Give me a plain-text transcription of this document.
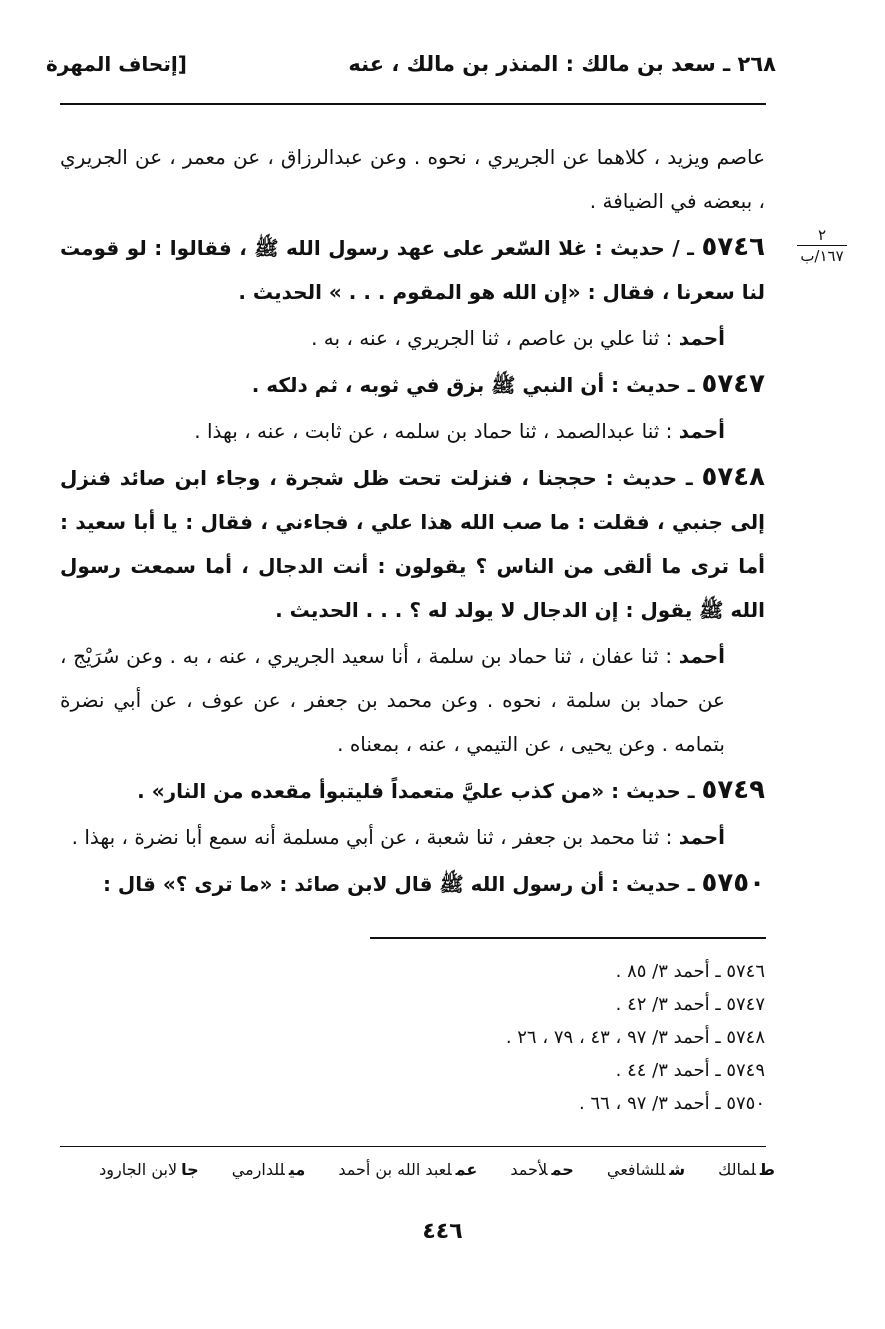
٢٦٨ ـ سعد بن مالك : المنذر بن مالك ، عنه
[إتحاف المهرة
٢
١٦٧/ب

عاصم ويزيد ، كلاهما عن الجريري ، نحوه . وعن عبدالرزاق ، عن معمر ، عن الجريري ، ببعضه في الضيافة .

٥٧٤٦ ـ / حديث : غلا السّعر على عهد رسول الله ﷺ ، فقالوا : لو قومت لنا سعرنا ، فقال : «إن الله هو المقوم . . . » الحديث .

أحمد : ثنا علي بن عاصم ، ثنا الجريري ، عنه ، به .

٥٧٤٧ ـ حديث : أن النبي ﷺ بزق في ثوبه ، ثم دلكه .

أحمد : ثنا عبدالصمد ، ثنا حماد بن سلمه ، عن ثابت ، عنه ، بهذا .

٥٧٤٨ ـ حديث : حججنا ، فنزلت تحت ظل شجرة ، وجاء ابن صائد فنزل إلى جنبي ، فقلت : ما صب الله هذا علي ، فجاءني ، فقال : يا أبا سعيد : أما ترى ما ألقى من الناس ؟ يقولون : أنت الدجال ، أما سمعت رسول الله ﷺ يقول : إن الدجال لا يولد له ؟ . . . الحديث .

أحمد : ثنا عفان ، ثنا حماد بن سلمة ، أنا سعيد الجريري ، عنه ، به . وعن سُرَيْج ، عن حماد بن سلمة ، نحوه . وعن محمد بن جعفر ، عن عوف ، عن أبي نضرة بتمامه . وعن يحيى ، عن التيمي ، عنه ، بمعناه .

٥٧٤٩ ـ حديث : «من كذب عليَّ متعمداً فليتبوأ مقعده من النار» .

أحمد : ثنا محمد بن جعفر ، ثنا شعبة ، عن أبي مسلمة أنه سمع أبا نضرة ، بهذا .

٥٧٥٠ ـ حديث : أن رسول الله ﷺ قال لابن صائد : «ما ترى ؟» قال :

٥٧٤٦ ـ أحمد ٣/ ٨٥ .
٥٧٤٧ ـ أحمد ٣/ ٤٢ .
٥٧٤٨ ـ أحمد ٣/ ٩٧ ، ٤٣ ، ٧٩ ، ٢٦ .
٥٧٤٩ ـ أحمد ٣/ ٤٤ .
٥٧٥٠ ـ أحمد ٣/ ٩٧ ، ٦٦ .
طلمالك شللشافعي حملأحمد عملعبد الله بن أحمد ميللدارمي جالابن الجارود
٤٤٦
